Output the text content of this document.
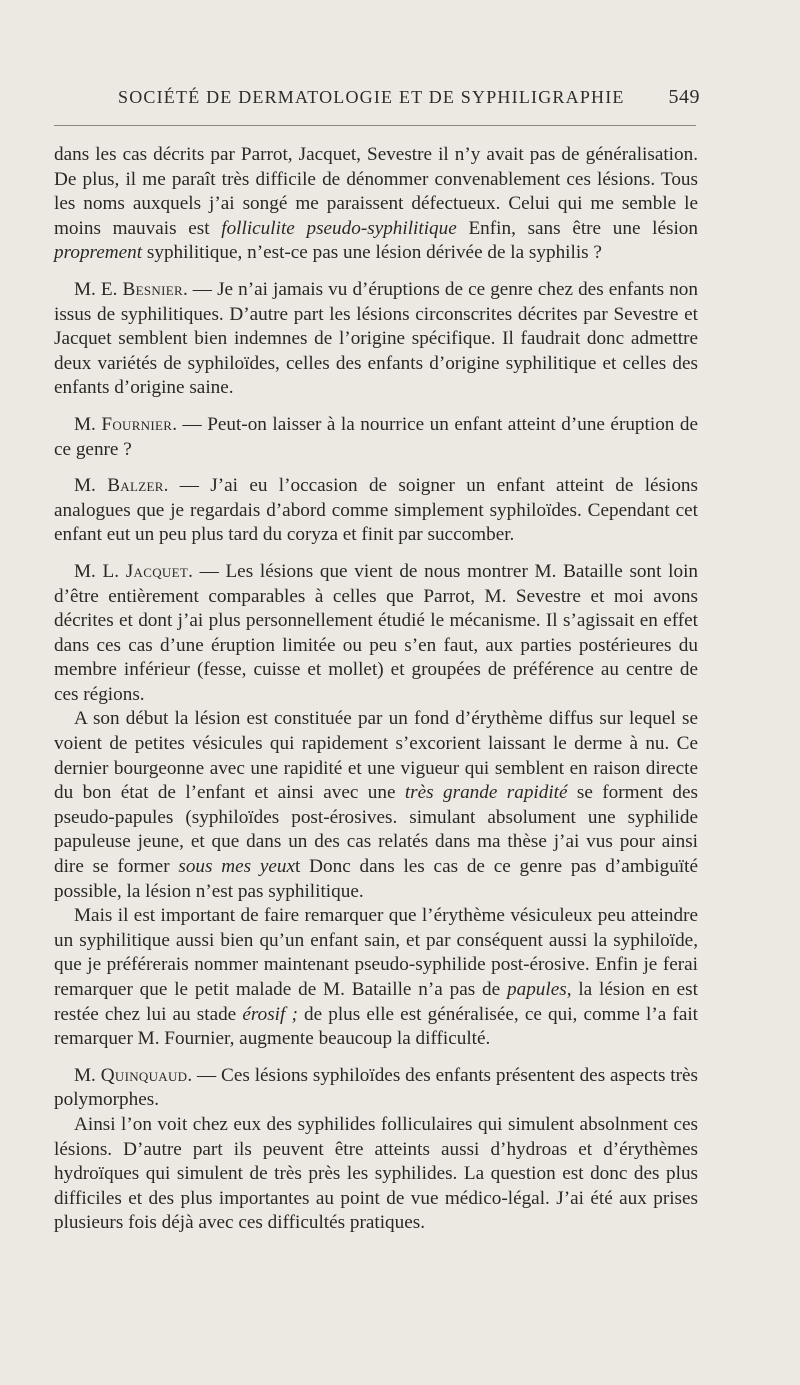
SOCIÉTÉ DE DERMATOLOGIE ET DE SYPHILIGRAPHIE 549

dans les cas décrits par Parrot, Jacquet, Sevestre il n’y avait pas de généralisation. De plus, il me paraît très difficile de dénommer convenablement ces lésions. Tous les noms auxquels j’ai songé me paraissent défectueux. Celui qui me semble le moins mauvais est folliculite pseudo-syphilitique Enfin, sans être une lésion proprement syphilitique, n’est-ce pas une lésion dérivée de la syphilis ?

M. E. Besnier. — Je n’ai jamais vu d’éruptions de ce genre chez des enfants non issus de syphilitiques. D’autre part les lésions circonscrites décrites par Sevestre et Jacquet semblent bien indemnes de l’origine spécifique. Il faudrait donc admettre deux variétés de syphiloïdes, celles des enfants d’origine syphilitique et celles des enfants d’origine saine.

M. Fournier. — Peut-on laisser à la nourrice un enfant atteint d’une éruption de ce genre ?

M. Balzer. — J’ai eu l’occasion de soigner un enfant atteint de lésions analogues que je regardais d’abord comme simplement syphiloïdes. Cependant cet enfant eut un peu plus tard du coryza et finit par succomber.

M. L. Jacquet. — Les lésions que vient de nous montrer M. Bataille sont loin d’être entièrement comparables à celles que Parrot, M. Sevestre et moi avons décrites et dont j’ai plus personnellement étudié le mécanisme. Il s’agissait en effet dans ces cas d’une éruption limitée ou peu s’en faut, aux parties postérieures du membre inférieur (fesse, cuisse et mollet) et groupées de préférence au centre de ces régions.

A son début la lésion est constituée par un fond d’érythème diffus sur lequel se voient de petites vésicules qui rapidement s’excorient laissant le derme à nu. Ce dernier bourgeonne avec une rapidité et une vigueur qui semblent en raison directe du bon état de l’enfant et ainsi avec une très grande rapidité se forment des pseudo-papules (syphiloïdes post-érosives. simulant absolument une syphilide papuleuse jeune, et que dans un des cas relatés dans ma thèse j’ai vus pour ainsi dire se former sous mes yeuxt Donc dans les cas de ce genre pas d’ambiguïté possible, la lésion n’est pas syphilitique.

Mais il est important de faire remarquer que l’érythème vésiculeux peu atteindre un syphilitique aussi bien qu’un enfant sain, et par conséquent aussi la syphiloïde, que je préférerais nommer maintenant pseudo-syphilide post-érosive. Enfin je ferai remarquer que le petit malade de M. Bataille n’a pas de papules, la lésion en est restée chez lui au stade érosif ; de plus elle est généralisée, ce qui, comme l’a fait remarquer M. Fournier, augmente beaucoup la difficulté.

M. Quinquaud. — Ces lésions syphiloïdes des enfants présentent des aspects très polymorphes.

Ainsi l’on voit chez eux des syphilides folliculaires qui simulent absolnment ces lésions. D’autre part ils peuvent être atteints aussi d’hydroas et d’érythèmes hydroïques qui simulent de très près les syphilides. La question est donc des plus difficiles et des plus importantes au point de vue médico-légal. J’ai été aux prises plusieurs fois déjà avec ces difficultés pratiques.
